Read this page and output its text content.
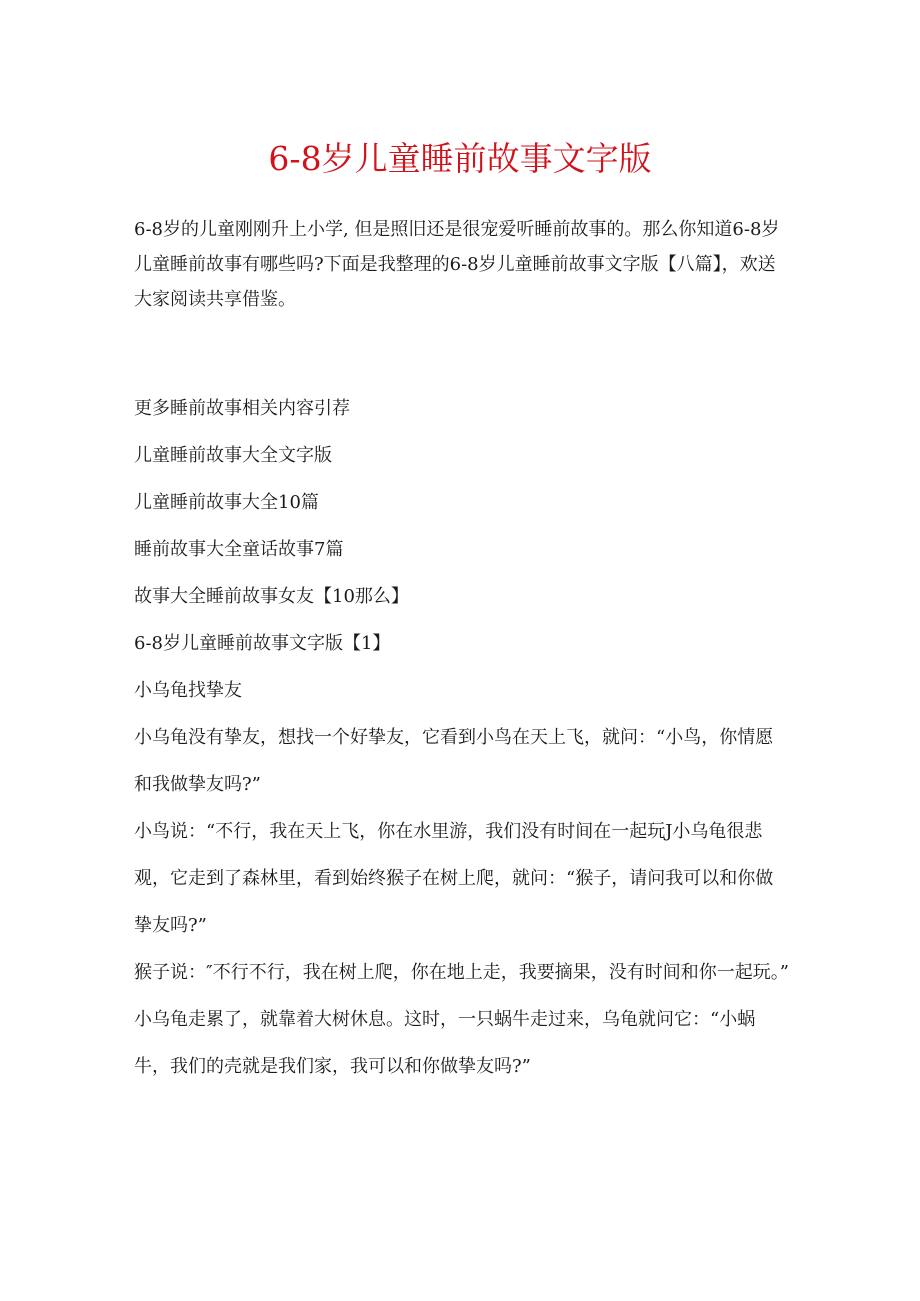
6-8岁儿童睡前故事文字版

6-8岁的儿童刚刚升上小学, 但是照旧还是很宠爱听睡前故事的。那么你知道6-8岁儿童睡前故事有哪些吗?下面是我整理的6-8岁儿童睡前故事文字版【八篇】，欢送大家阅读共享借鉴。

更多睡前故事相关内容引荐

儿童睡前故事大全文字版

儿童睡前故事大全10篇

睡前故事大全童话故事7篇

故事大全睡前故事女友【10那么】

6-8岁儿童睡前故事文字版【1】

小乌龟找挚友

小乌龟没有挚友，想找一个好挚友，它看到小鸟在天上飞，就问：“小鸟，你情愿和我做挚友吗?”

小鸟说：“不行，我在天上飞，你在水里游，我们没有时间在一起玩J小乌龟很悲观，它走到了森林里，看到始终猴子在树上爬，就问：“猴子，请问我可以和你做挚友吗?”

猴子说：″不行不行，我在树上爬，你在地上走，我要摘果，没有时间和你一起玩。”

小乌龟走累了，就靠着大树休息。这时，一只蜗牛走过来，乌龟就问它：“小蜗牛，我们的壳就是我们家，我可以和你做挚友吗?”
